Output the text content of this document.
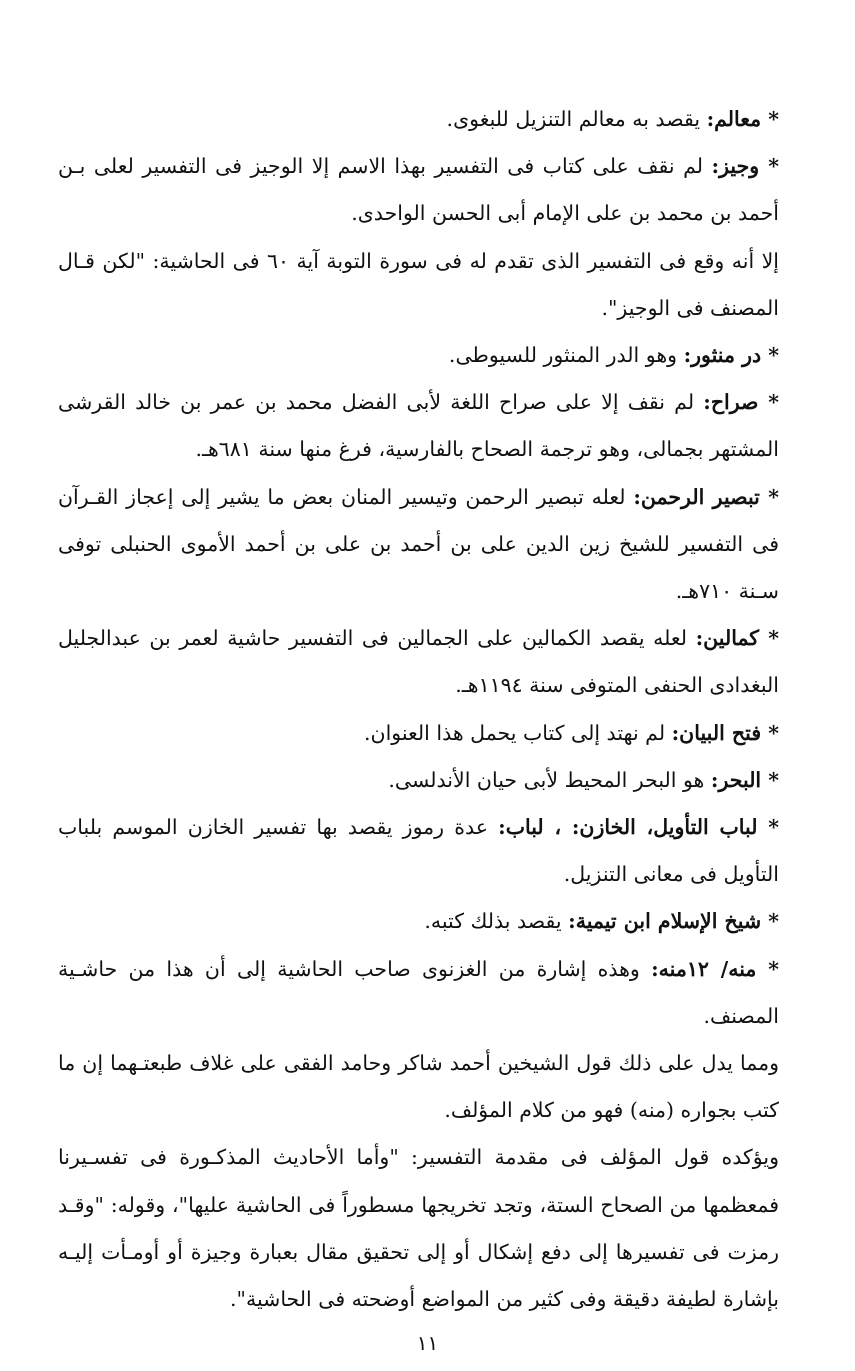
* معالم: يقصد به معالم التنزيل للبغوى.

* وجيز: لم نقف على كتاب فى التفسير بهذا الاسم إلا الوجيز فى التفسير لعلى بـن أحمد بن محمد بن على الإمام أبى الحسن الواحدى.

إلا أنه وقع فى التفسير الذى تقدم له فى سورة التوبة آية ٦٠ فى الحاشية: "لكن قـال المصنف فى الوجيز".

* در منثور: وهو الدر المنثور للسيوطى.

* صراح: لم نقف إلا على صراح اللغة لأبى الفضل محمد بن عمر بن خالد القرشى المشتهر بجمالى، وهو ترجمة الصحاح بالفارسية، فرغ منها سنة ٦٨١هـ.

* تبصير الرحمن: لعله تبصير الرحمن وتيسير المنان بعض ما يشير إلى إعجاز القـرآن فى التفسير للشيخ زين الدين على بن أحمد بن على بن أحمد الأموى الحنبلى توفى سـنة ٧١٠هـ.

* كمالين: لعله يقصد الكمالين على الجمالين فى التفسير حاشية لعمر بن عبدالجليل البغدادى الحنفى المتوفى سنة ١١٩٤هـ.

* فتح البيان: لم نهتد إلى كتاب يحمل هذا العنوان.

* البحر: هو البحر المحيط لأبى حيان الأندلسى.

* لباب التأويل، الخازن: ، لباب: عدة رموز يقصد بها تفسير الخازن الموسم بلباب التأويل فى معانى التنزيل.

* شيخ الإسلام ابن تيمية: يقصد بذلك كتبه.

* منه/ ١٢منه: وهذه إشارة من الغزنوى صاحب الحاشية إلى أن هذا من حاشـية المصنف.

ومما يدل على ذلك قول الشيخين أحمد شاكر وحامد الفقى على غلاف طبعتـهما إن ما كتب بجواره (منه) فهو من كلام المؤلف.

ويؤكده قول المؤلف فى مقدمة التفسير: "وأما الأحاديث المذكـورة فى تفسـيرنا فمعظمها من الصحاح الستة، وتجد تخريجها مسطوراً فى الحاشية عليها"، وقوله: "وقـد رمزت فى تفسيرها إلى دفع إشكال أو إلى تحقيق مقال بعبارة وجيزة أو أومـأت إليـه بإشارة لطيفة دقيقة وفى كثير من المواضع أوضحته فى الحاشية".

١١
